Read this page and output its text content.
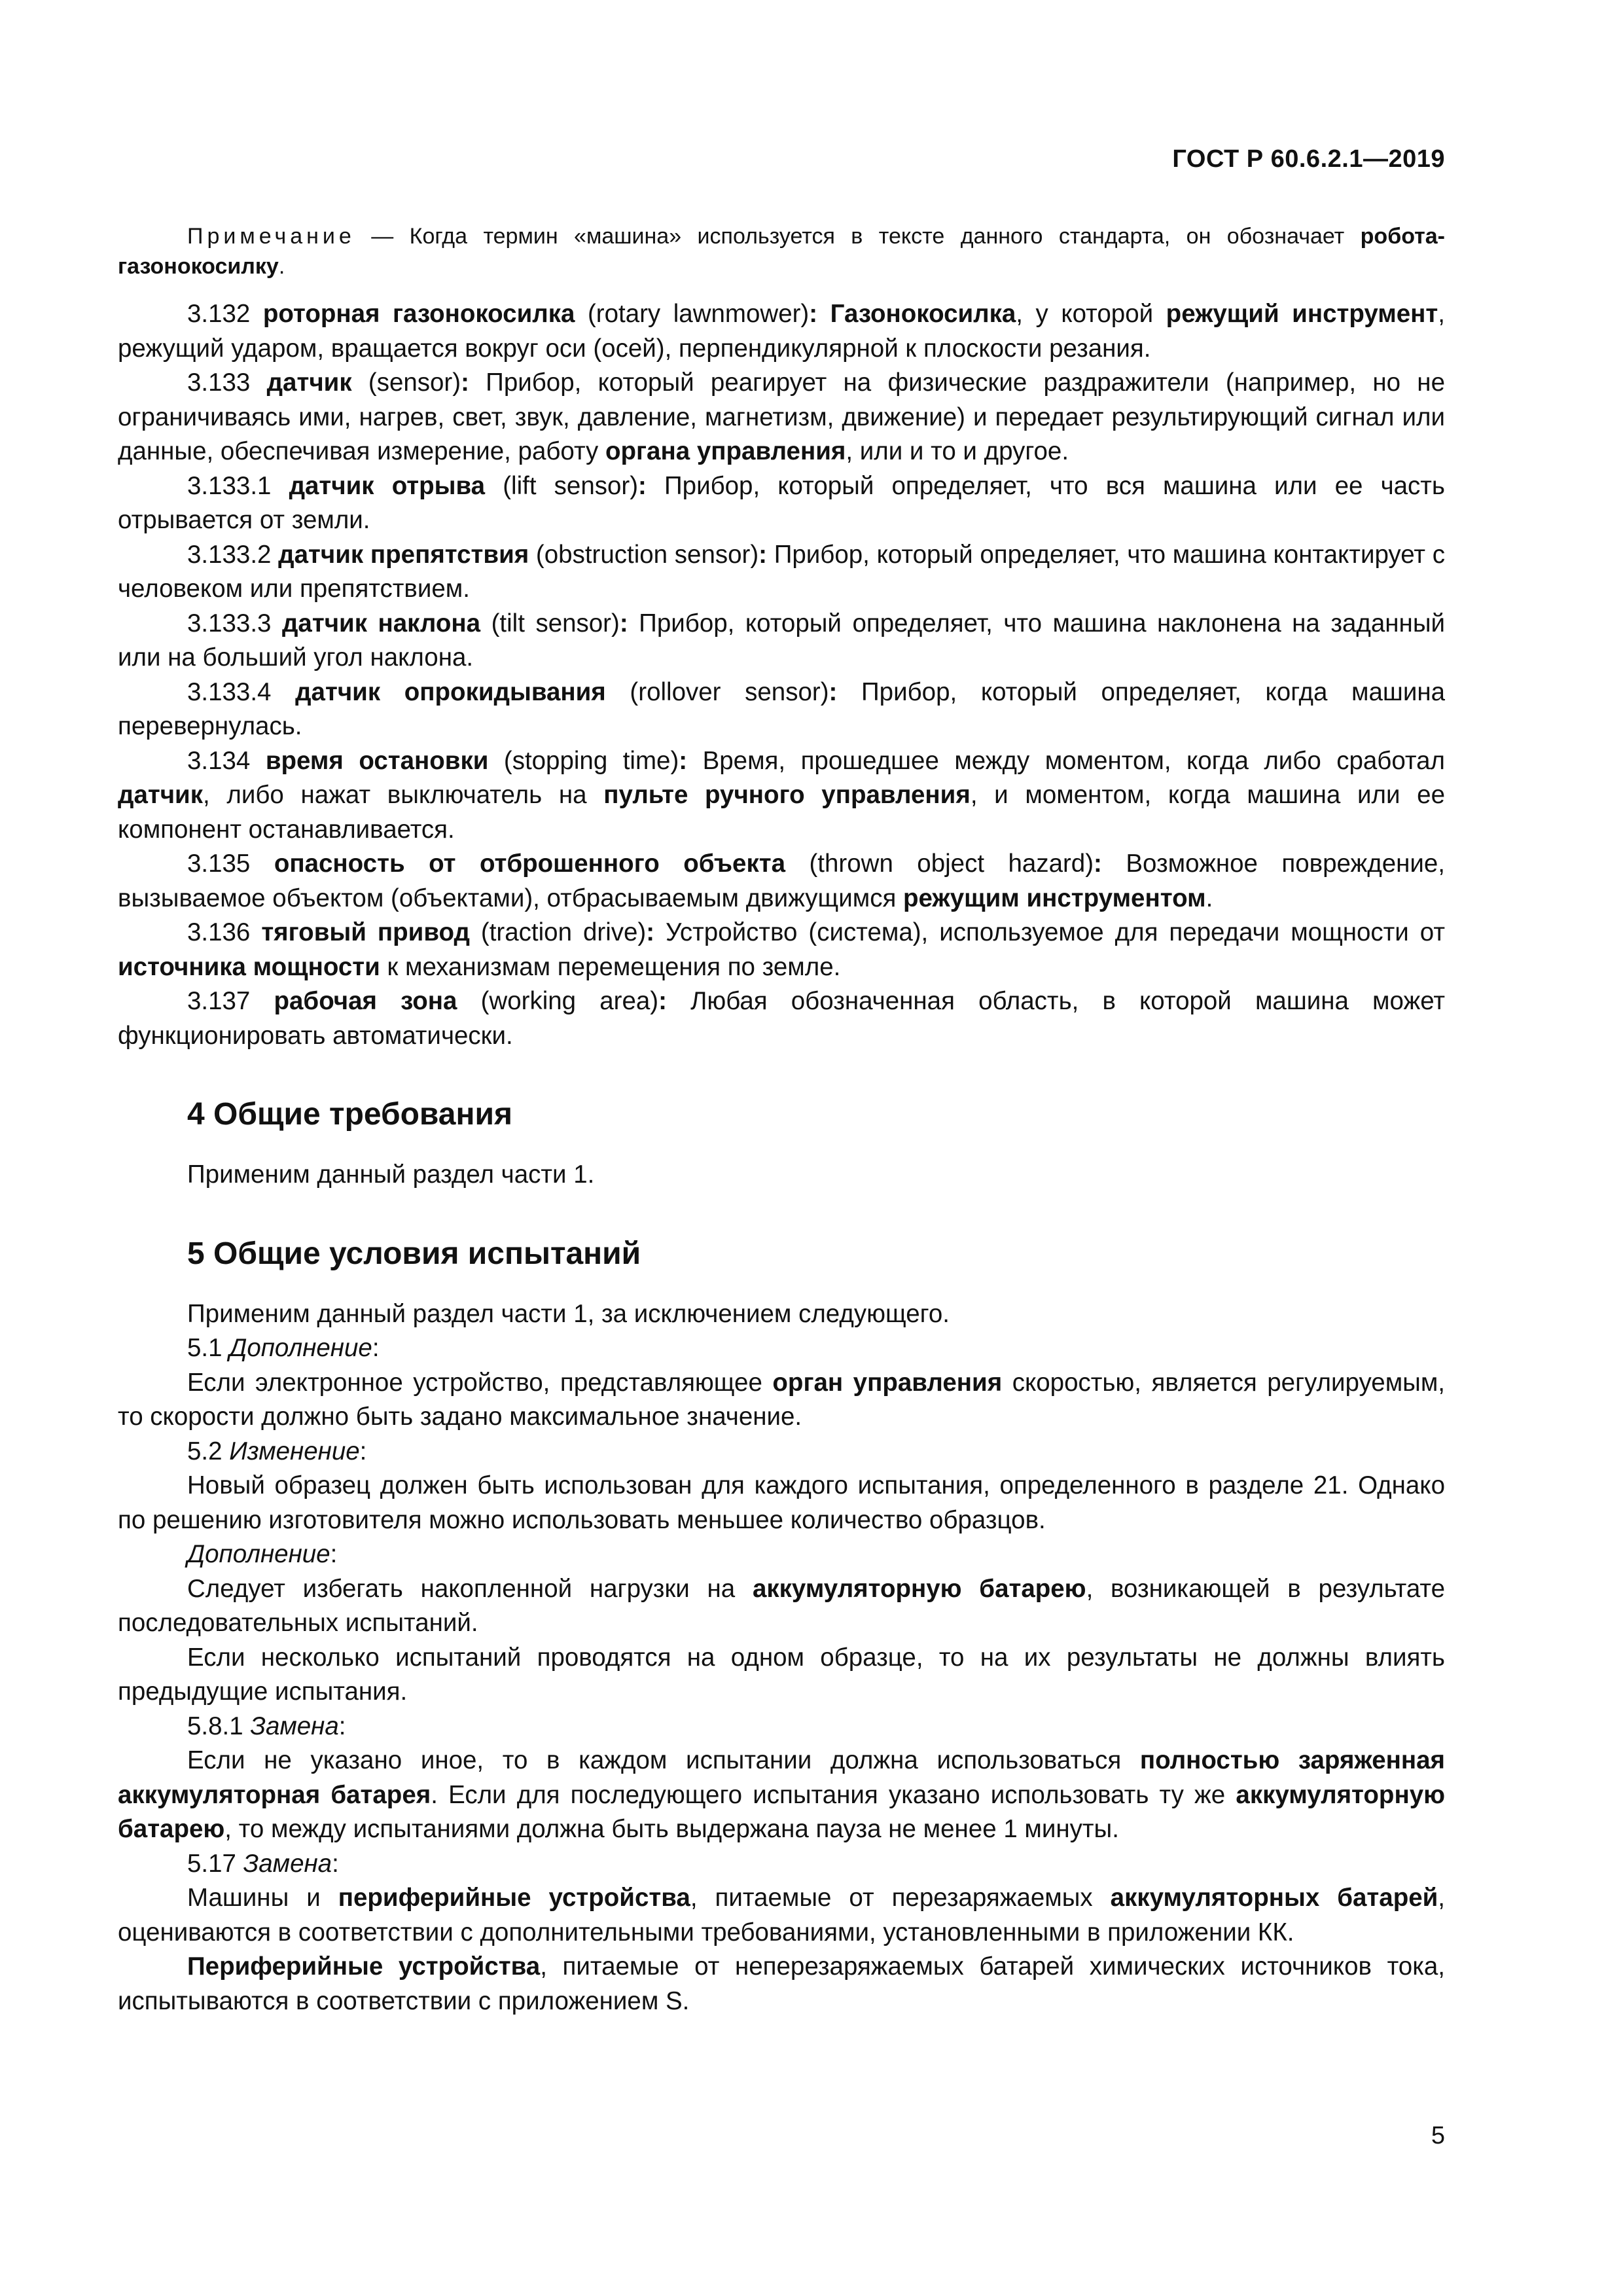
ГОСТ Р 60.6.2.1—2019

Примечание — Когда термин «машина» используется в тексте данного стандарта, он обозначает робота-газонокосилку.

3.132 роторная газонокосилка (rotary lawnmower): Газонокосилка, у которой режущий инструмент, режущий ударом, вращается вокруг оси (осей), перпендикулярной к плоскости резания.

3.133 датчик (sensor): Прибор, который реагирует на физические раздражители (например, но не ограничиваясь ими, нагрев, свет, звук, давление, магнетизм, движение) и передает результирующий сигнал или данные, обеспечивая измерение, работу органа управления, или и то и другое.

3.133.1 датчик отрыва (lift sensor): Прибор, который определяет, что вся машина или ее часть отрывается от земли.

3.133.2 датчик препятствия (obstruction sensor): Прибор, который определяет, что машина контактирует с человеком или препятствием.

3.133.3 датчик наклона (tilt sensor): Прибор, который определяет, что машина наклонена на заданный или на больший угол наклона.

3.133.4 датчик опрокидывания (rollover sensor): Прибор, который определяет, когда машина перевернулась.

3.134 время остановки (stopping time): Время, прошедшее между моментом, когда либо сработал датчик, либо нажат выключатель на пульте ручного управления, и моментом, когда машина или ее компонент останавливается.

3.135 опасность от отброшенного объекта (thrown object hazard): Возможное повреждение, вызываемое объектом (объектами), отбрасываемым движущимся режущим инструментом.

3.136 тяговый привод (traction drive): Устройство (система), используемое для передачи мощности от источника мощности к механизмам перемещения по земле.

3.137 рабочая зона (working area): Любая обозначенная область, в которой машина может функционировать автоматически.

4 Общие требования

Применим данный раздел части 1.

5 Общие условия испытаний

Применим данный раздел части 1, за исключением следующего.

5.1 Дополнение:

Если электронное устройство, представляющее орган управления скоростью, является регулируемым, то скорости должно быть задано максимальное значение.

5.2 Изменение:

Новый образец должен быть использован для каждого испытания, определенного в разделе 21. Однако по решению изготовителя можно использовать меньшее количество образцов.

Дополнение:

Следует избегать накопленной нагрузки на аккумуляторную батарею, возникающей в результате последовательных испытаний.

Если несколько испытаний проводятся на одном образце, то на их результаты не должны влиять предыдущие испытания.

5.8.1 Замена:

Если не указано иное, то в каждом испытании должна использоваться полностью заряженная аккумуляторная батарея. Если для последующего испытания указано использовать ту же аккумуляторную батарею, то между испытаниями должна быть выдержана пауза не менее 1 минуты.

5.17 Замена:

Машины и периферийные устройства, питаемые от перезаряжаемых аккумуляторных батарей, оцениваются в соответствии с дополнительными требованиями, установленными в приложении КК.

Периферийные устройства, питаемые от неперезаряжаемых батарей химических источников тока, испытываются в соответствии с приложением S.

5
